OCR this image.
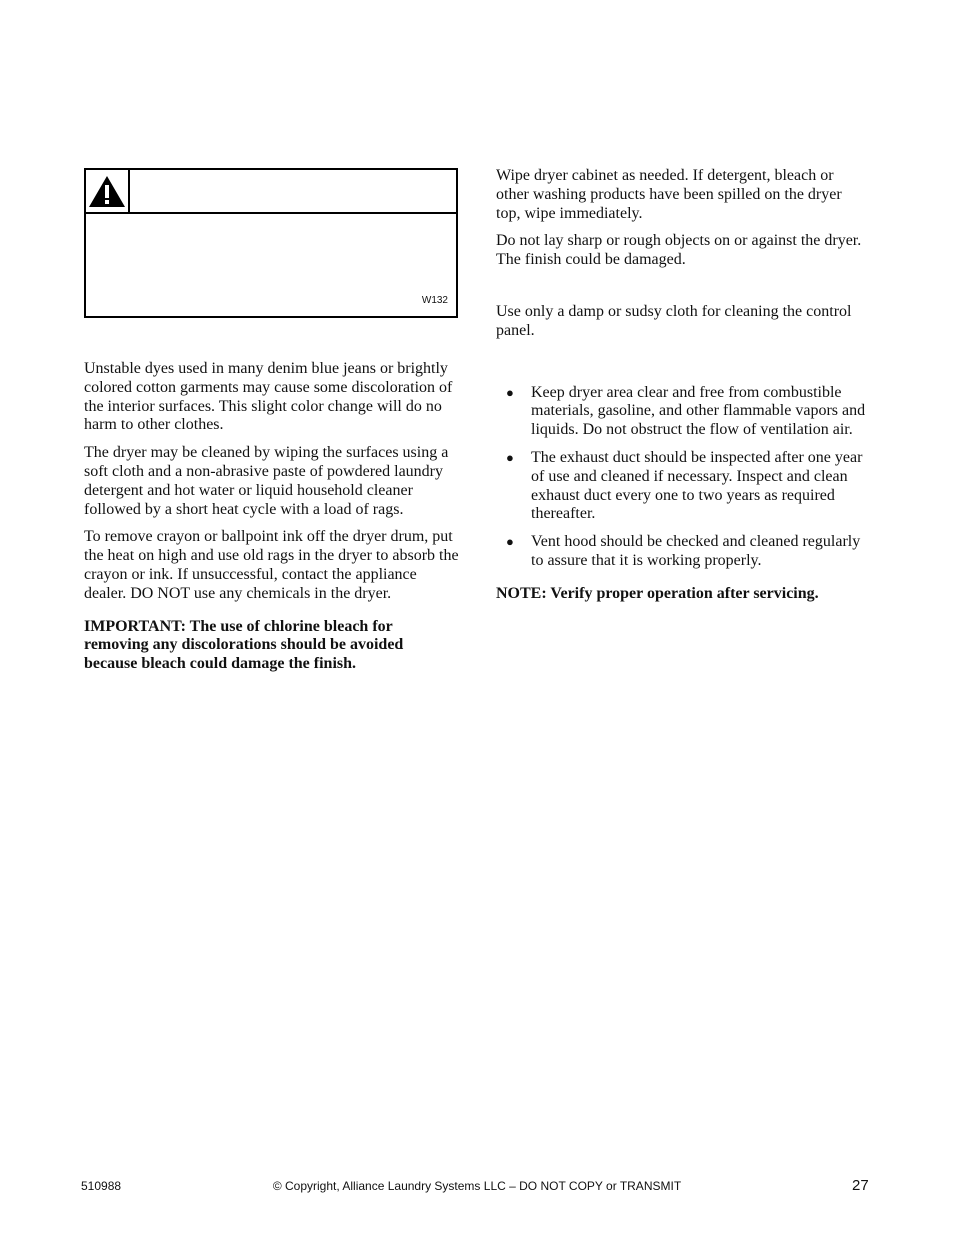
W132

Unstable dyes used in many denim blue jeans or brightly colored cotton garments may cause some discoloration of the interior surfaces. This slight color change will do no harm to other clothes.

The dryer may be cleaned by wiping the surfaces using a soft cloth and a non-abrasive paste of powdered laundry detergent and hot water or liquid household cleaner followed by a short heat cycle with a load of rags.

To remove crayon or ballpoint ink off the dryer drum, put the heat on high and use old rags in the dryer to absorb the crayon or ink. If unsuccessful, contact the appliance dealer. DO NOT use any chemicals in the dryer.

IMPORTANT: The use of chlorine bleach for removing any discolorations should be avoided because bleach could damage the finish.

Wipe dryer cabinet as needed. If detergent, bleach or other washing products have been spilled on the dryer top, wipe immediately.

Do not lay sharp or rough objects on or against the dryer. The finish could be damaged.

Use only a damp or sudsy cloth for cleaning the control panel.

● Keep dryer area clear and free from combustible materials, gasoline, and other flammable vapors and liquids. Do not obstruct the flow of ventilation air.
● The exhaust duct should be inspected after one year of use and cleaned if necessary. Inspect and clean exhaust duct every one to two years as required thereafter.
● Vent hood should be checked and cleaned regularly to assure that it is working properly.

NOTE: Verify proper operation after servicing.

510988	© Copyright, Alliance Laundry Systems LLC – DO NOT COPY or TRANSMIT	27
